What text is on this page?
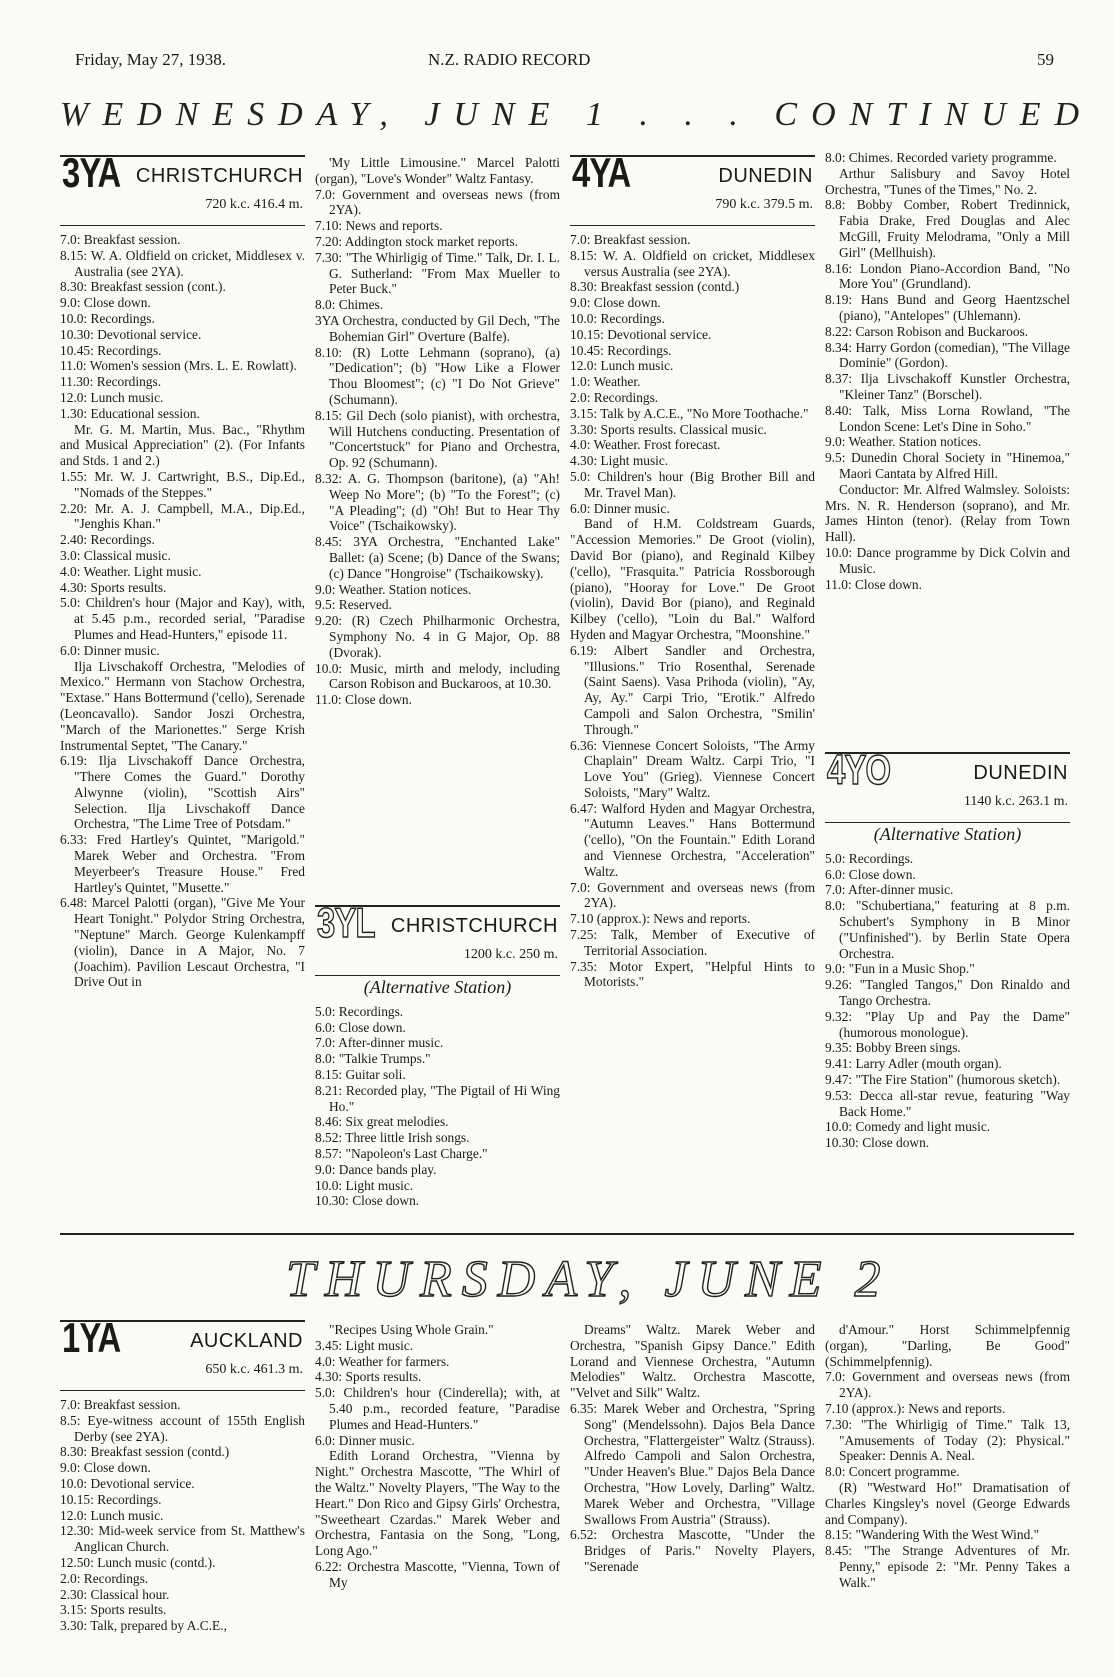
Friday, May 27, 1938.	N.Z. RADIO RECORD	59
WEDNESDAY, JUNE 1 . . . CONTINUED
3YA CHRISTCHURCH
720 k.c. 416.4 m.

7.0: Breakfast session.

8.15: W. A. Oldfield on cricket, Middlesex v. Australia (see 2YA).

8.30: Breakfast session (cont.).

9.0: Close down.

10.0: Recordings.

10.30: Devotional service.

10.45: Recordings.

11.0: Women's session (Mrs. L. E. Rowlatt).

11.30: Recordings.

12.0: Lunch music.

1.30: Educational session.

Mr. G. M. Martin, Mus. Bac., "Rhythm and Musical Appreciation" (2). (For Infants and Stds. 1 and 2.)

1.55: Mr. W. J. Cartwright, B.S., Dip.Ed., "Nomads of the Steppes."

2.20: Mr. A. J. Campbell, M.A., Dip.Ed., "Jenghis Khan."

2.40: Recordings.

3.0: Classical music.

4.0: Weather. Light music.

4.30: Sports results.

5.0: Children's hour (Major and Kay), with, at 5.45 p.m., recorded serial, "Paradise Plumes and Head-Hunters," episode 11.

6.0: Dinner music.

Ilja Livschakoff Orchestra, "Melodies of Mexico." Hermann von Stachow Orchestra, "Extase." Hans Bottermund ('cello), Serenade (Leoncavallo). Sandor Joszi Orchestra, "March of the Marionettes." Serge Krish Instrumental Septet, "The Canary."

6.19: Ilja Livschakoff Dance Orchestra, "There Comes the Guard." Dorothy Alwynne (violin), "Scottish Airs" Selection. Ilja Livschakoff Dance Orchestra, "The Lime Tree of Potsdam."

6.33: Fred Hartley's Quintet, "Marigold." Marek Weber and Orchestra. "From Meyerbeer's Treasure House." Fred Hartley's Quintet, "Musette."

6.48: Marcel Palotti (organ), "Give Me Your Heart Tonight." Polydor String Orchestra, "Neptune" March. George Kulenkampff (violin), Dance in A Major, No. 7 (Joachim). Pavilion Lescaut Orchestra, "I Drive Out in

'My Little Limousine." Marcel Palotti (organ), "Love's Wonder" Waltz Fantasy.

7.0: Government and overseas news (from 2YA).

7.10: News and reports.

7.20: Addington stock market reports.

7.30: "The Whirligig of Time." Talk, Dr. I. L. G. Sutherland: "From Max Mueller to Peter Buck."

8.0: Chimes.

3YA Orchestra, conducted by Gil Dech, "The Bohemian Girl" Overture (Balfe).

8.10: (R) Lotte Lehmann (soprano), (a) "Dedication"; (b) "How Like a Flower Thou Bloomest"; (c) "I Do Not Grieve" (Schumann).

8.15: Gil Dech (solo pianist), with orchestra, Will Hutchens conducting. Presentation of "Concertstuck" for Piano and Orchestra, Op. 92 (Schumann).

8.32: A. G. Thompson (baritone), (a) "Ah! Weep No More"; (b) "To the Forest"; (c) "A Pleading"; (d) "Oh! But to Hear Thy Voice" (Tschaikowsky).

8.45: 3YA Orchestra, "Enchanted Lake" Ballet: (a) Scene; (b) Dance of the Swans; (c) Dance "Hongroise" (Tschaikowsky).

9.0: Weather. Station notices.

9.5: Reserved.

9.20: (R) Czech Philharmonic Orchestra, Symphony No. 4 in G Major, Op. 88 (Dvorak).

10.0: Music, mirth and melody, including Carson Robison and Buckaroos, at 10.30.

11.0: Close down.

3YL CHRISTCHURCH
1200 k.c. 250 m.
(Alternative Station)

5.0: Recordings.

6.0: Close down.

7.0: After-dinner music.

8.0: "Talkie Trumps."

8.15: Guitar soli.

8.21: Recorded play, "The Pigtail of Hi Wing Ho."

8.46: Six great melodies.

8.52: Three little Irish songs.

8.57: "Napoleon's Last Charge."

9.0: Dance bands play.

10.0: Light music.

10.30: Close down.

4YA	DUNEDIN
790 k.c. 379.5 m.

7.0: Breakfast session.

8.15: W. A. Oldfield on cricket, Middlesex versus Australia (see 2YA).

8.30: Breakfast session (contd.)

9.0: Close down.

10.0: Recordings.

10.15: Devotional service.

10.45: Recordings.

12.0: Lunch music.

1.0: Weather.

2.0: Recordings.

3.15: Talk by A.C.E., "No More Toothache."

3.30: Sports results. Classical music.

4.0: Weather. Frost forecast.

4.30: Light music.

5.0: Children's hour (Big Brother Bill and Mr. Travel Man).

6.0: Dinner music.

Band of H.M. Coldstream Guards, "Accession Memories." De Groot (violin), David Bor (piano), and Reginald Kilbey ('cello), "Frasquita." Patricia Rossborough (piano), "Hooray for Love." De Groot (violin), David Bor (piano), and Reginald Kilbey ('cello), "Loin du Bal." Walford Hyden and Magyar Orchestra, "Moonshine."

6.19: Albert Sandler and Orchestra, "Illusions." Trio Rosenthal, Serenade (Saint Saens). Vasa Prihoda (violin), "Ay, Ay, Ay." Carpi Trio, "Erotik." Alfredo Campoli and Salon Orchestra, "Smilin' Through."

6.36: Viennese Concert Soloists, "The Army Chaplain" Dream Waltz. Carpi Trio, "I Love You" (Grieg). Viennese Concert Soloists, "Mary" Waltz.

6.47: Walford Hyden and Magyar Orchestra, "Autumn Leaves." Hans Bottermund ('cello), "On the Fountain." Edith Lorand and Viennese Orchestra, "Acceleration" Waltz.

7.0: Government and overseas news (from 2YA).

7.10 (approx.): News and reports.

7.25: Talk, Member of Executive of Territorial Association.

7.35: Motor Expert, "Helpful Hints to Motorists."

8.0: Chimes. Recorded variety programme.

Arthur Salisbury and Savoy Hotel Orchestra, "Tunes of the Times," No. 2.

8.8: Bobby Comber, Robert Tredinnick, Fabia Drake, Fred Douglas and Alec McGill, Fruity Melodrama, "Only a Mill Girl" (Mellhuish).

8.16: London Piano-Accordion Band, "No More You" (Grundland).

8.19: Hans Bund and Georg Haentzschel (piano), "Antelopes" (Uhlemann).

8.22: Carson Robison and Buckaroos.

8.34: Harry Gordon (comedian), "The Village Dominie" (Gordon).

8.37: Ilja Livschakoff Kunstler Orchestra, "Kleiner Tanz" (Borschel).

8.40: Talk, Miss Lorna Rowland, "The London Scene: Let's Dine in Soho."

9.0: Weather. Station notices.

9.5: Dunedin Choral Society in "Hinemoa," Maori Cantata by Alfred Hill.

Conductor: Mr. Alfred Walmsley. Soloists: Mrs. N. R. Henderson (soprano), and Mr. James Hinton (tenor). (Relay from Town Hall).

10.0: Dance programme by Dick Colvin and Music.

11.0: Close down.

4YO	DUNEDIN
1140 k.c. 263.1 m.
(Alternative Station)

5.0: Recordings.

6.0: Close down.

7.0: After-dinner music.

8.0: "Schubertiana," featuring at 8 p.m. Schubert's Symphony in B Minor ("Unfinished"). by Berlin State Opera Orchestra.

9.0: "Fun in a Music Shop."

9.26: "Tangled Tangos," Don Rinaldo and Tango Orchestra.

9.32: "Play Up and Pay the Dame" (humorous monologue).

9.35: Bobby Breen sings.

9.41: Larry Adler (mouth organ).

9.47: "The Fire Station" (humorous sketch).

9.53: Decca all-star revue, featuring "Way Back Home."

10.0: Comedy and light music.

10.30: Close down.

THURSDAY, JUNE 2
1YA	AUCKLAND
650 k.c. 461.3 m.

7.0: Breakfast session.

8.5: Eye-witness account of 155th English Derby (see 2YA).

8.30: Breakfast session (contd.)

9.0: Close down.

10.0: Devotional service.

10.15: Recordings.

12.0: Lunch music.

12.30: Mid-week service from St. Matthew's Anglican Church.

12.50: Lunch music (contd.).

2.0: Recordings.

2.30: Classical hour.

3.15: Sports results.

3.30: Talk, prepared by A.C.E.,

"Recipes Using Whole Grain."

3.45: Light music.

4.0: Weather for farmers.

4.30: Sports results.

5.0: Children's hour (Cinderella); with, at 5.40 p.m., recorded feature, "Paradise Plumes and Head-Hunters."

6.0: Dinner music.

Edith Lorand Orchestra, "Vienna by Night." Orchestra Mascotte, "The Whirl of the Waltz." Novelty Players, "The Way to the Heart." Don Rico and Gipsy Girls' Orchestra, "Sweetheart Czardas." Marek Weber and Orchestra, Fantasia on the Song, "Long, Long Ago."

6.22: Orchestra Mascotte, "Vienna, Town of My

Dreams" Waltz. Marek Weber and Orchestra, "Spanish Gipsy Dance." Edith Lorand and Viennese Orchestra, "Autumn Melodies" Waltz. Orchestra Mascotte, "Velvet and Silk" Waltz.

6.35: Marek Weber and Orchestra, "Spring Song" (Mendelssohn). Dajos Bela Dance Orchestra, "Flattergeister" Waltz (Strauss). Alfredo Campoli and Salon Orchestra, "Under Heaven's Blue." Dajos Bela Dance Orchestra, "How Lovely, Darling" Waltz. Marek Weber and Orchestra, "Village Swallows From Austria" (Strauss).

6.52: Orchestra Mascotte, "Under the Bridges of Paris." Novelty Players, "Serenade

d'Amour." Horst Schimmelpfennig (organ), "Darling, Be Good" (Schimmelpfennig).

7.0: Government and overseas news (from 2YA).

7.10 (approx.): News and reports.

7.30: "The Whirligig of Time." Talk 13, "Amusements of Today (2): Physical." Speaker: Dennis A. Neal.

8.0: Concert programme.

(R) "Westward Ho!" Dramatisation of Charles Kingsley's novel (George Edwards and Company).

8.15: "Wandering With the West Wind."

8.45: "The Strange Adventures of Mr. Penny," episode 2: "Mr. Penny Takes a Walk."
